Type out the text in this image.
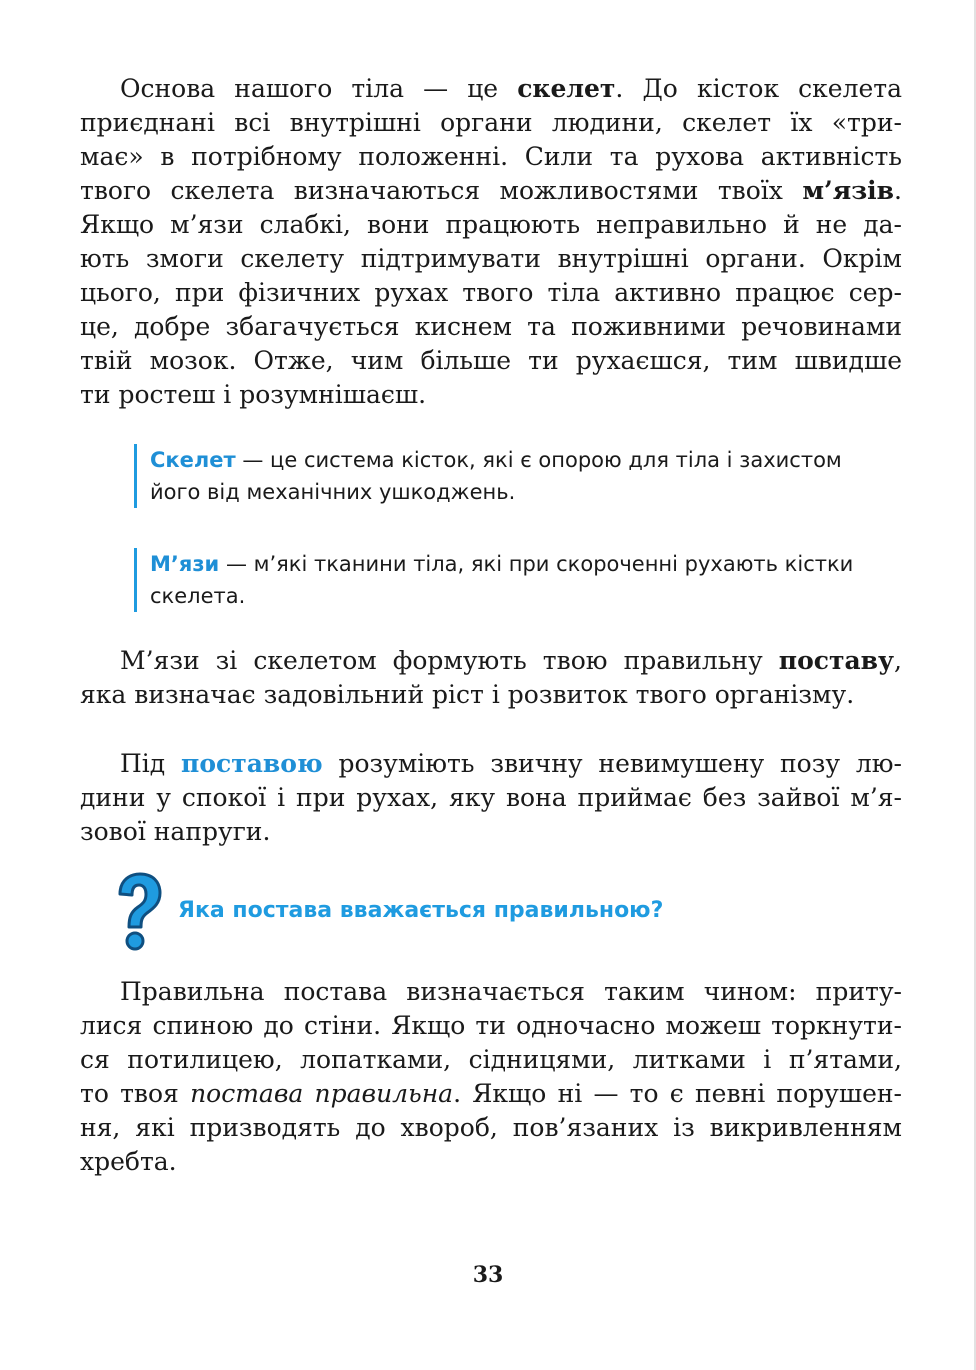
Основа нашого тіла — це скелет. До кісток скелета
приєднані всі внутрішні органи людини, скелет їх «три-
має» в потрібному положенні. Сили та рухова активність
твого скелета визначаються можливостями твоїх м’язів.
Якщо м’язи слабкі, вони працюють неправильно й не да-
ють змоги скелету підтримувати внутрішні органи. Окрім
цього, при фізичних рухах твого тіла активно працює сер-
це, добре збагачується киснем та поживними речовинами
твій мозок. Отже, чим більше ти рухаєшся, тим швидше
ти ростеш і розумнішаєш.
Скелет — це система кісток, які є опорою для тіла і захистом
його від механічних ушкоджень.
М’язи — м’які тканини тіла, які при скороченні рухають кістки
скелета.
М’язи зі скелетом формують твою правильну поставу,
яка визначає задовільний ріст і розвиток твого організму.
Під поставою розуміють звичну невимушену позу лю-
дини у спокої і при рухах, яку вона приймає без зайвої м’я-
зової напруги.
Яка постава вважається правильною?
Правильна постава визначається таким чином: приту-
лися спиною до стіни. Якщо ти одночасно можеш торкнути-
ся потилицею, лопатками, сідницями, литками і п’ятами,
то твоя постава правильна. Якщо ні — то є певні порушен-
ня, які призводять до хвороб, пов’язаних із викривленням
хребта.
33
